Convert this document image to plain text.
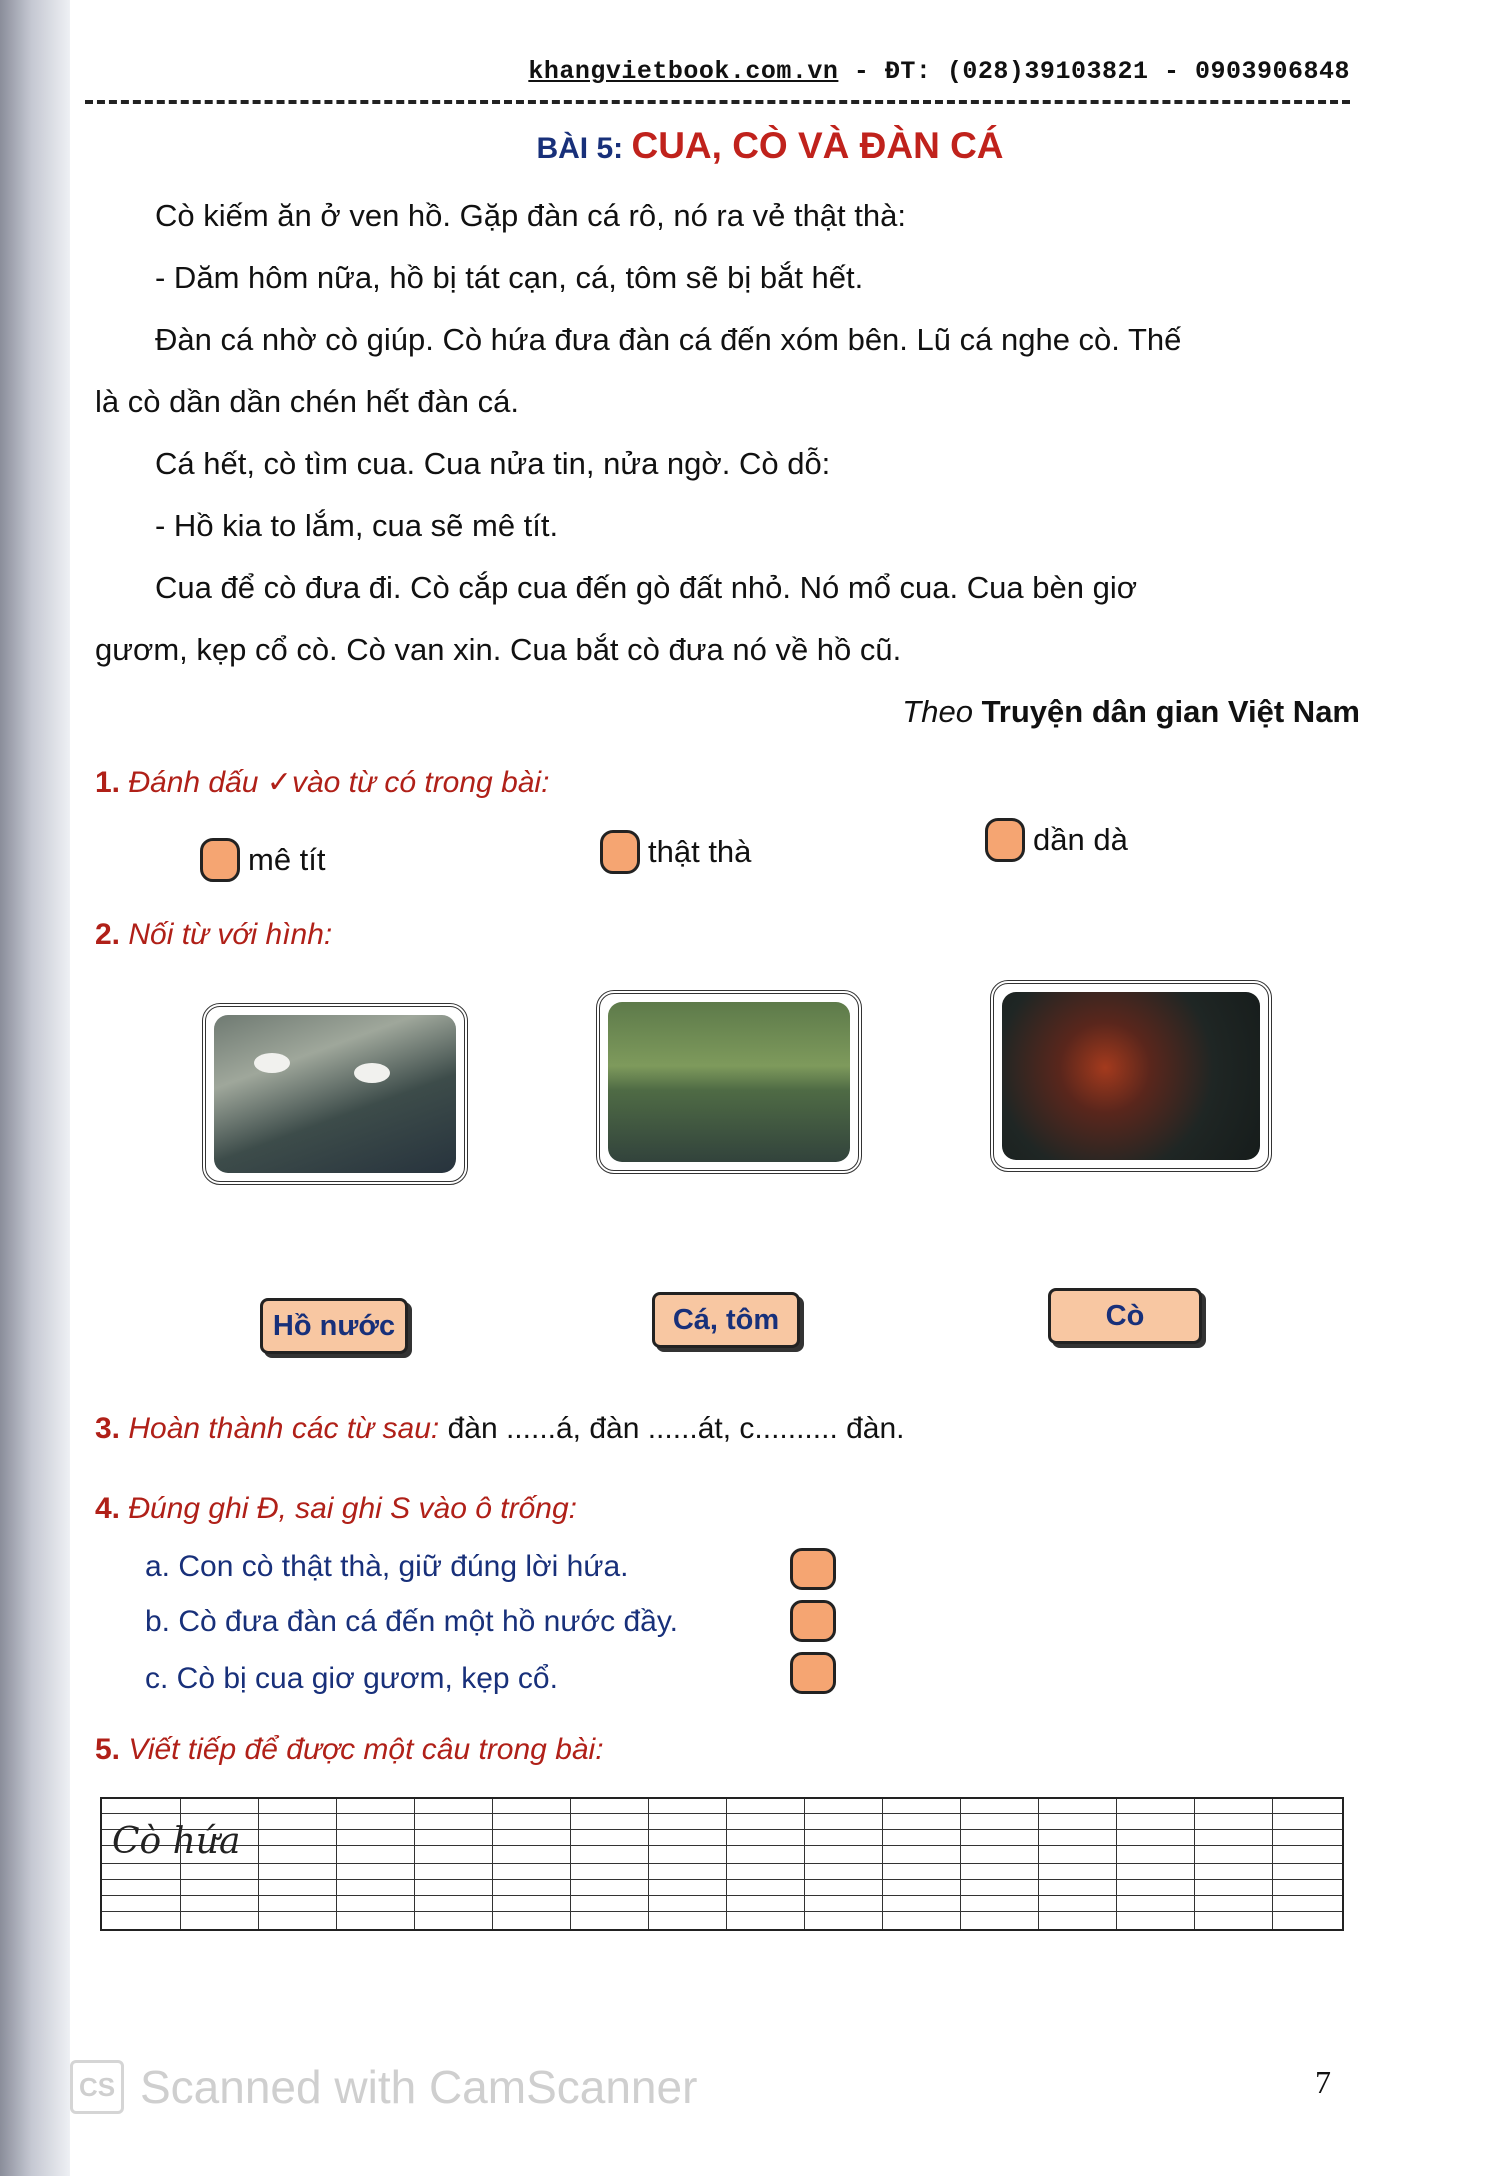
khangvietbook.com.vn - ĐT: (028)39103821 - 0903906848
BÀI 5: CUA, CÒ VÀ ĐÀN CÁ

Cò kiếm ăn ở ven hồ. Gặp đàn cá rô, nó ra vẻ thật thà:

- Dăm hôm nữa, hồ bị tát cạn, cá, tôm sẽ bị bắt hết.

Đàn cá nhờ cò giúp. Cò hứa đưa đàn cá đến xóm bên. Lũ cá nghe cò. Thế

là cò dần dần chén hết đàn cá.

Cá hết, cò tìm cua. Cua nửa tin, nửa ngờ. Cò dỗ:

- Hồ kia to lắm, cua sẽ mê tít.

Cua để cò đưa đi. Cò cắp cua đến gò đất nhỏ. Nó mổ cua. Cua bèn giơ

gươm, kẹp cổ cò. Cò van xin. Cua bắt cò đưa nó về hồ cũ.

Theo Truyện dân gian Việt Nam

1. Đánh dấu ✓vào từ có trong bài:
mê tít	thật thà	dần dà
2. Nối từ với hình:
Hồ nước	Cá, tôm	Cò
3. Hoàn thành các từ sau: đàn ......á, đàn ......át, c.......... đàn.
4. Đúng ghi Đ, sai ghi S vào ô trống:
a. Con cò thật thà, giữ đúng lời hứa.
b. Cò đưa đàn cá đến một hồ nước đầy.
c. Cò bị cua giơ gươm, kẹp cổ.
5. Viết tiếp để được một câu trong bài:
Cò hứa
CS Scanned with CamScanner	7
